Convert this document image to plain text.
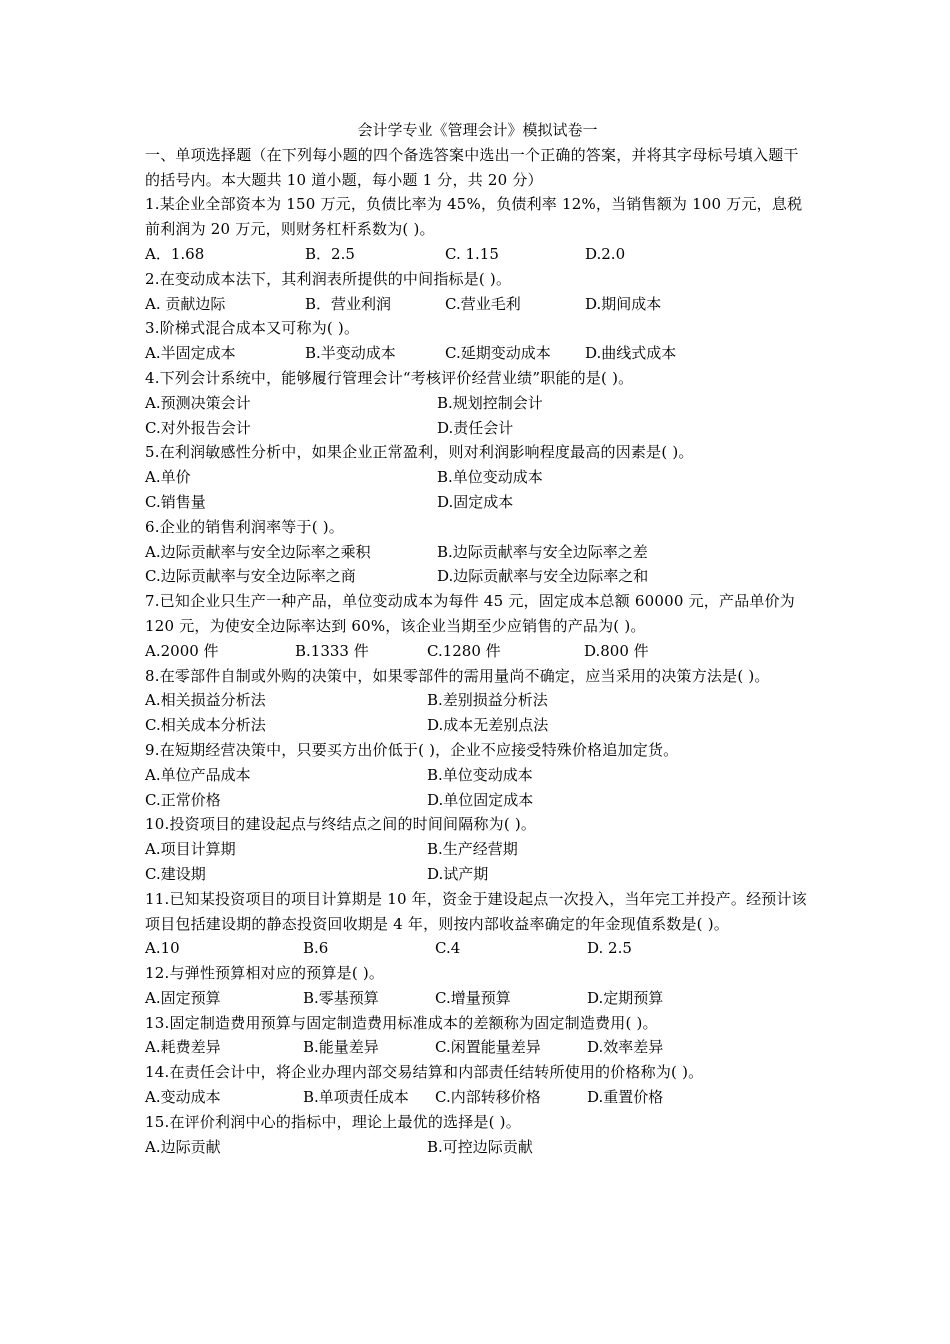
会计学专业《管理会计》模拟试卷一
一、单项选择题（在下列每小题的四个备选答案中选出一个正确的答案，并将其字母标号填入题干的括号内。本大题共 10 道小题，每小题 1 分，共 20 分）
1.某企业全部资本为 150 万元，负债比率为 45%，负债利率 12%，当销售额为 100 万元，息税前利润为 20 万元，则财务杠杆系数为( )。
A．1.68	B．2.5	C. 1.15	D.2.0
2.在变动成本法下，其利润表所提供的中间指标是( )。
A. 贡献边际	B．营业利润	C.营业毛利	D.期间成本
3.阶梯式混合成本又可称为( )。
A.半固定成本	B.半变动成本	C.延期变动成本	D.曲线式成本
4.下列会计系统中，能够履行管理会计“考核评价经营业绩”职能的是( )。
A.预测决策会计	B.规划控制会计
C.对外报告会计	D.责任会计
5.在利润敏感性分析中，如果企业正常盈利，则对利润影响程度最高的因素是( )。
A.单价	B.单位变动成本
C.销售量	D.固定成本
6.企业的销售利润率等于( )。
A.边际贡献率与安全边际率之乘积	B.边际贡献率与安全边际率之差
C.边际贡献率与安全边际率之商	D.边际贡献率与安全边际率之和
7.已知企业只生产一种产品，单位变动成本为每件 45 元，固定成本总额 60000 元，产品单价为 120 元，为使安全边际率达到 60%，该企业当期至少应销售的产品为( )。
A.2000 件	B.1333 件	C.1280 件	D.800 件
8.在零部件自制或外购的决策中，如果零部件的需用量尚不确定，应当采用的决策方法是( )。
A.相关损益分析法	B.差别损益分析法
C.相关成本分析法	D.成本无差别点法
9.在短期经营决策中，只要买方出价低于( )，企业不应接受特殊价格追加定货。
A.单位产品成本	B.单位变动成本
C.正常价格	D.单位固定成本
10.投资项目的建设起点与终结点之间的时间间隔称为( )。
A.项目计算期	B.生产经营期
C.建设期	D.试产期
11.已知某投资项目的项目计算期是 10 年，资金于建设起点一次投入，当年完工并投产。经预计该项目包括建设期的静态投资回收期是 4 年，则按内部收益率确定的年金现值系数是( )。
A.10	B.6	C.4	D. 2.5
12.与弹性预算相对应的预算是( )。
A.固定预算	B.零基预算	C.增量预算	D.定期预算
13.固定制造费用预算与固定制造费用标准成本的差额称为固定制造费用( )。
A.耗费差异	B.能量差异	C.闲置能量差异	D.效率差异
14.在责任会计中，将企业办理内部交易结算和内部责任结转所使用的价格称为( )。
A.变动成本	B.单项责任成本	C.内部转移价格	D.重置价格
15.在评价利润中心的指标中，理论上最优的选择是( )。
A.边际贡献	B.可控边际贡献
